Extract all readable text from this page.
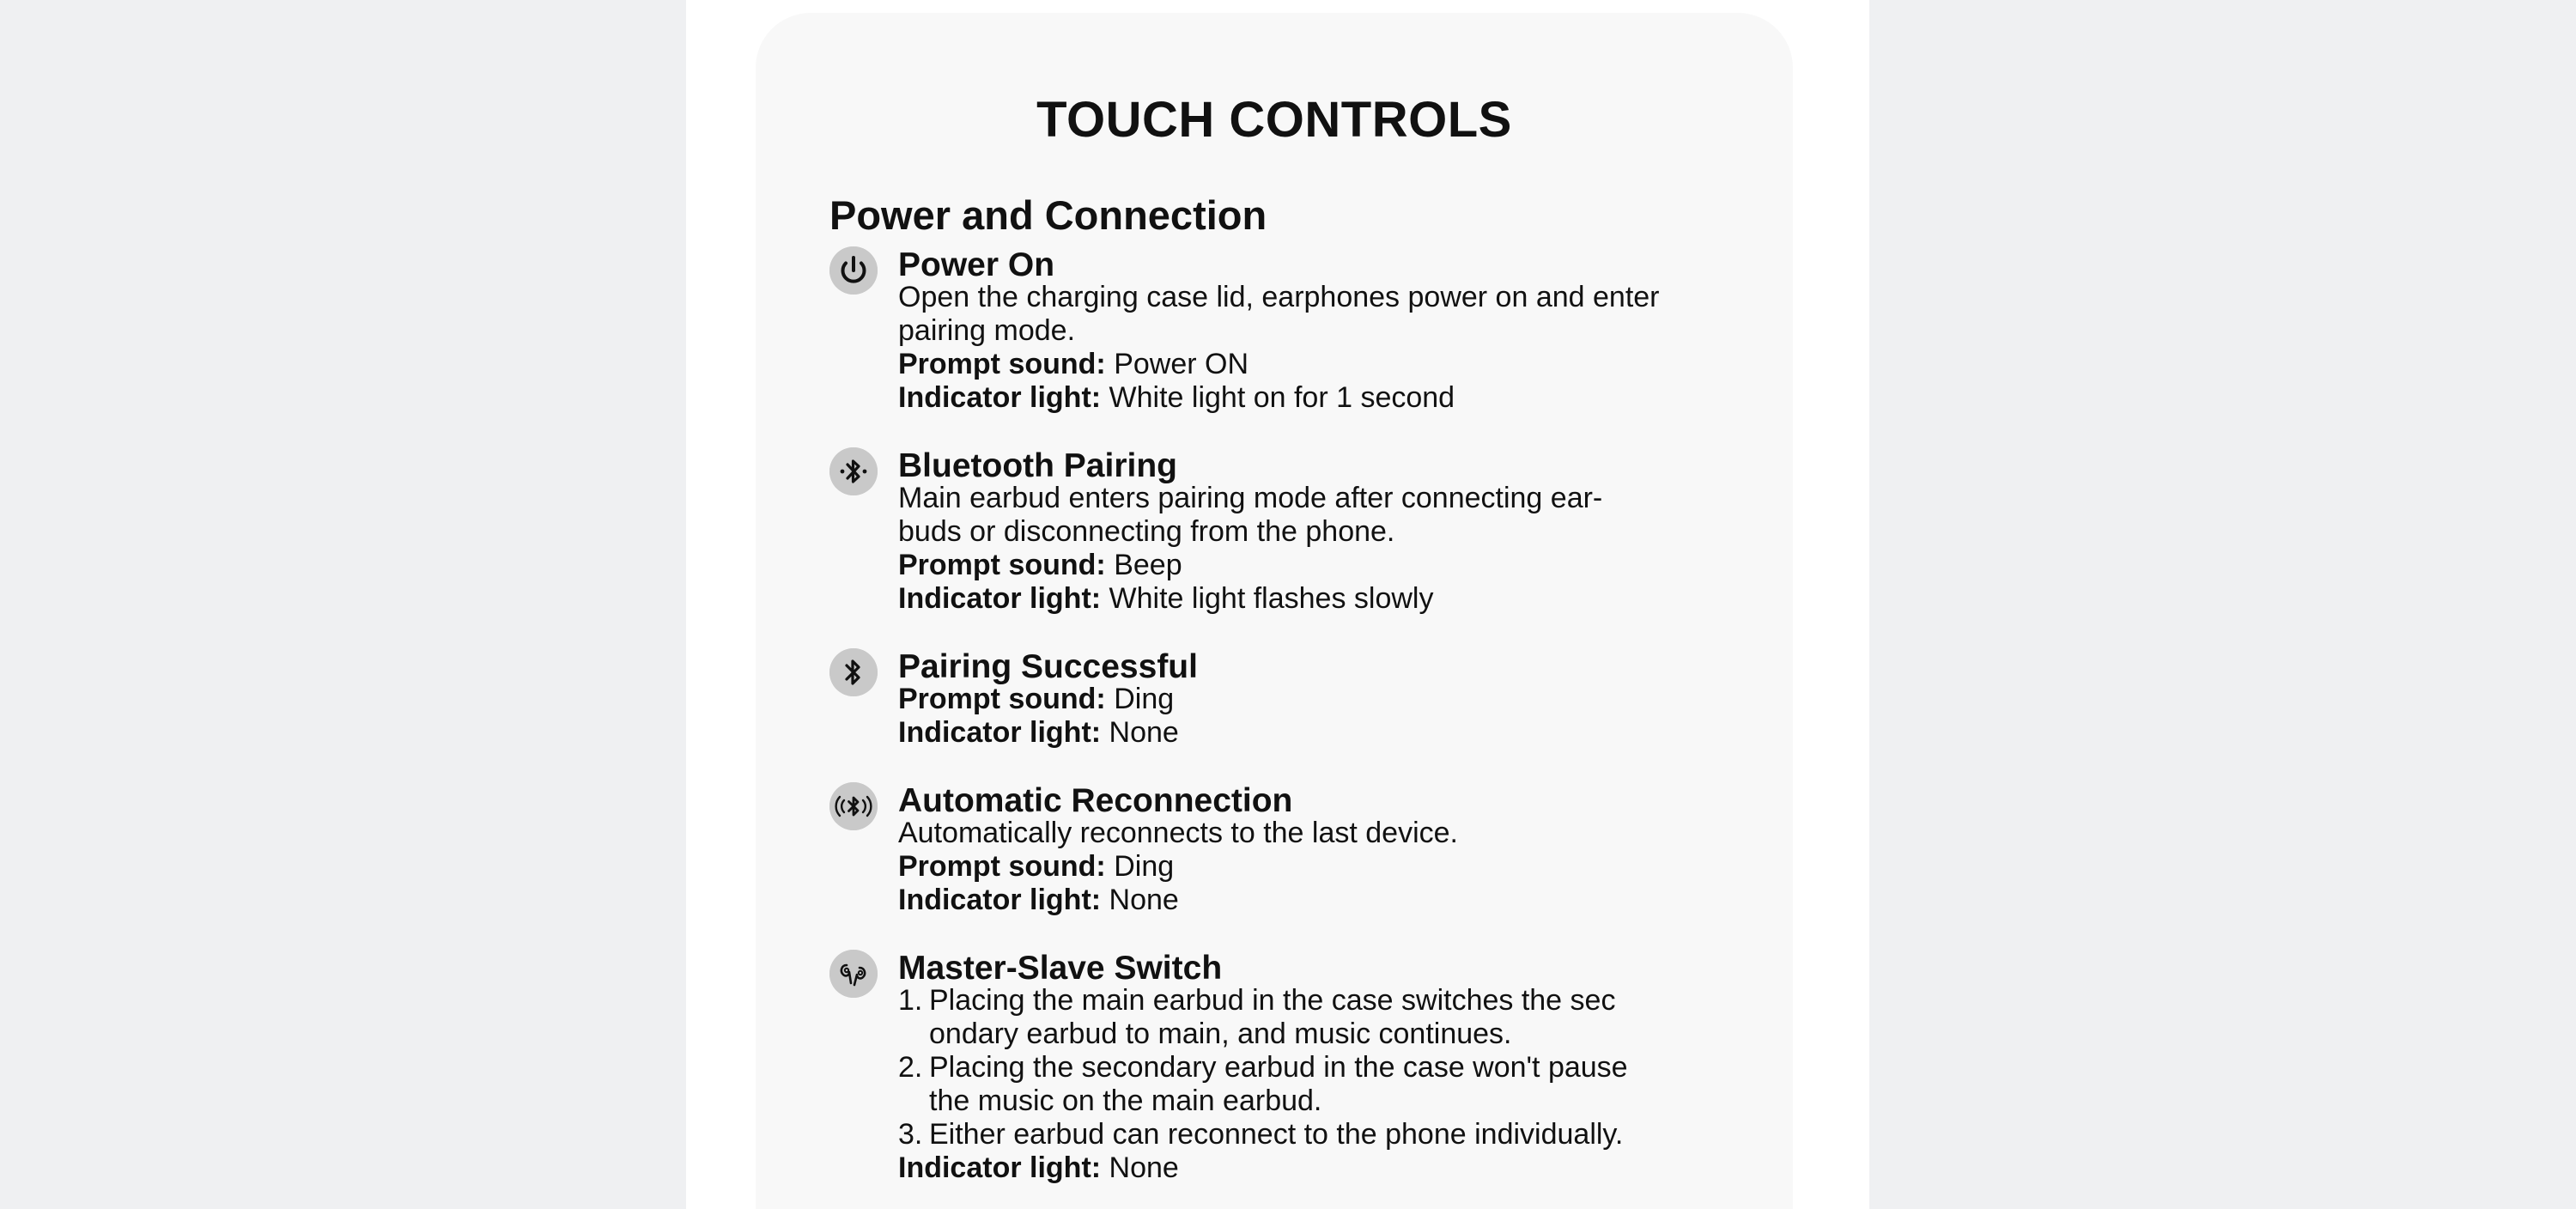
TOUCH CONTROLS
Power and Connection
Power On
Open the charging case lid, earphones power on and enter
pairing mode.
Prompt sound: Power ON
Indicator light: White light on for 1 second
Bluetooth Pairing
Main earbud enters pairing mode after connecting ear-
buds or disconnecting from the phone.
Prompt sound: Beep
Indicator light: White light flashes slowly
Pairing Successful
Prompt sound: Ding
Indicator light: None
Automatic Reconnection
Automatically reconnects to the last device.
Prompt sound: Ding
Indicator light: None
Master-Slave Switch
1. Placing the main earbud in the case switches the sec
ondary earbud to main, and music continues.
2. Placing the secondary earbud in the case won't pause
the music on the main earbud.
3. Either earbud can reconnect to the phone individually.
Indicator light: None
